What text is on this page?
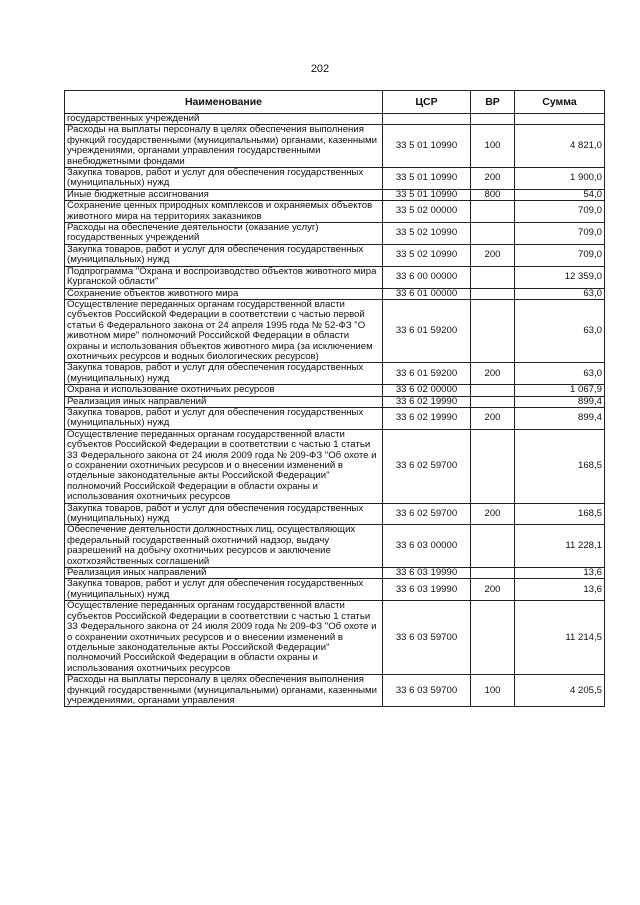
202
Наименование	ЦСР	ВР	Сумма
государственных учреждений			
Расходы на выплаты персоналу в целях обеспечения выполнения функций государственными (муниципальными) органами, казенными учреждениями, органами управления государственными внебюджетными фондами	33 5 01 10990	100	4 821,0
Закупка товаров, работ и услуг для обеспечения государственных (муниципальных) нужд	33 5 01 10990	200	1 900,0
Иные бюджетные ассигнования	33 5 01 10990	800	54,0
Сохранение ценных природных комплексов и охраняемых объектов животного мира на территориях заказников	33 5 02 00000		709,0
Расходы на обеспечение деятельности (оказание услуг) государственных учреждений	33 5 02 10990		709,0
Закупка товаров, работ и услуг для обеспечения государственных (муниципальных) нужд	33 5 02 10990	200	709,0
Подпрограмма "Охрана и воспроизводство объектов животного мира Курганской области"	33 6 00 00000		12 359,0
Сохранение объектов животного мира	33 6 01 00000		63,0
Осуществление переданных органам государственной власти субъектов Российской Федерации в соответствии с частью первой статьи 6 Федерального закона от 24 апреля 1995 года № 52-ФЗ "О животном мире" полномочий Российской Федерации в области охраны и использования объектов животного мира (за исключением охотничьих ресурсов и водных биологических ресурсов)	33 6 01 59200		63,0
Закупка товаров, работ и услуг для обеспечения государственных (муниципальных) нужд	33 6 01 59200	200	63,0
Охрана и использование охотничьих ресурсов	33 6 02 00000		1 067,9
Реализация иных направлений	33 6 02 19990		899,4
Закупка товаров, работ и услуг для обеспечения государственных (муниципальных) нужд	33 6 02 19990	200	899,4
Осуществление переданных органам государственной власти субъектов Российской Федерации в соответствии с частью 1 статьи 33 Федерального закона от 24 июля 2009 года № 209-ФЗ "Об охоте и о сохранении охотничьих ресурсов и о внесении изменений в отдельные законодательные акты Российской Федерации" полномочий Российской Федерации в области охраны и использования охотничьих ресурсов	33 6 02 59700		168,5
Закупка товаров, работ и услуг для обеспечения государственных (муниципальных) нужд	33 6 02 59700	200	168,5
Обеспечение деятельности должностных лиц, осуществляющих федеральный государственный охотничий надзор, выдачу разрешений на добычу охотничьих ресурсов и заключение охотхозяйственных соглашений	33 6 03 00000		11 228,1
Реализация иных направлений	33 6 03 19990		13,6
Закупка товаров, работ и услуг для обеспечения государственных (муниципальных) нужд	33 6 03 19990	200	13,6
Осуществление переданных органам государственной власти субъектов Российской Федерации в соответствии с частью 1 статьи 33 Федерального закона от 24 июля 2009 года № 209-ФЗ "Об охоте и о сохранении охотничьих ресурсов и о внесении изменений в отдельные законодательные акты Российской Федерации" полномочий Российской Федерации в области охраны и использования охотничьих ресурсов	33 6 03 59700		11 214,5
Расходы на выплаты персоналу в целях обеспечения выполнения функций государственными (муниципальными) органами, казенными учреждениями, органами управления	33 6 03 59700	100	4 205,5
